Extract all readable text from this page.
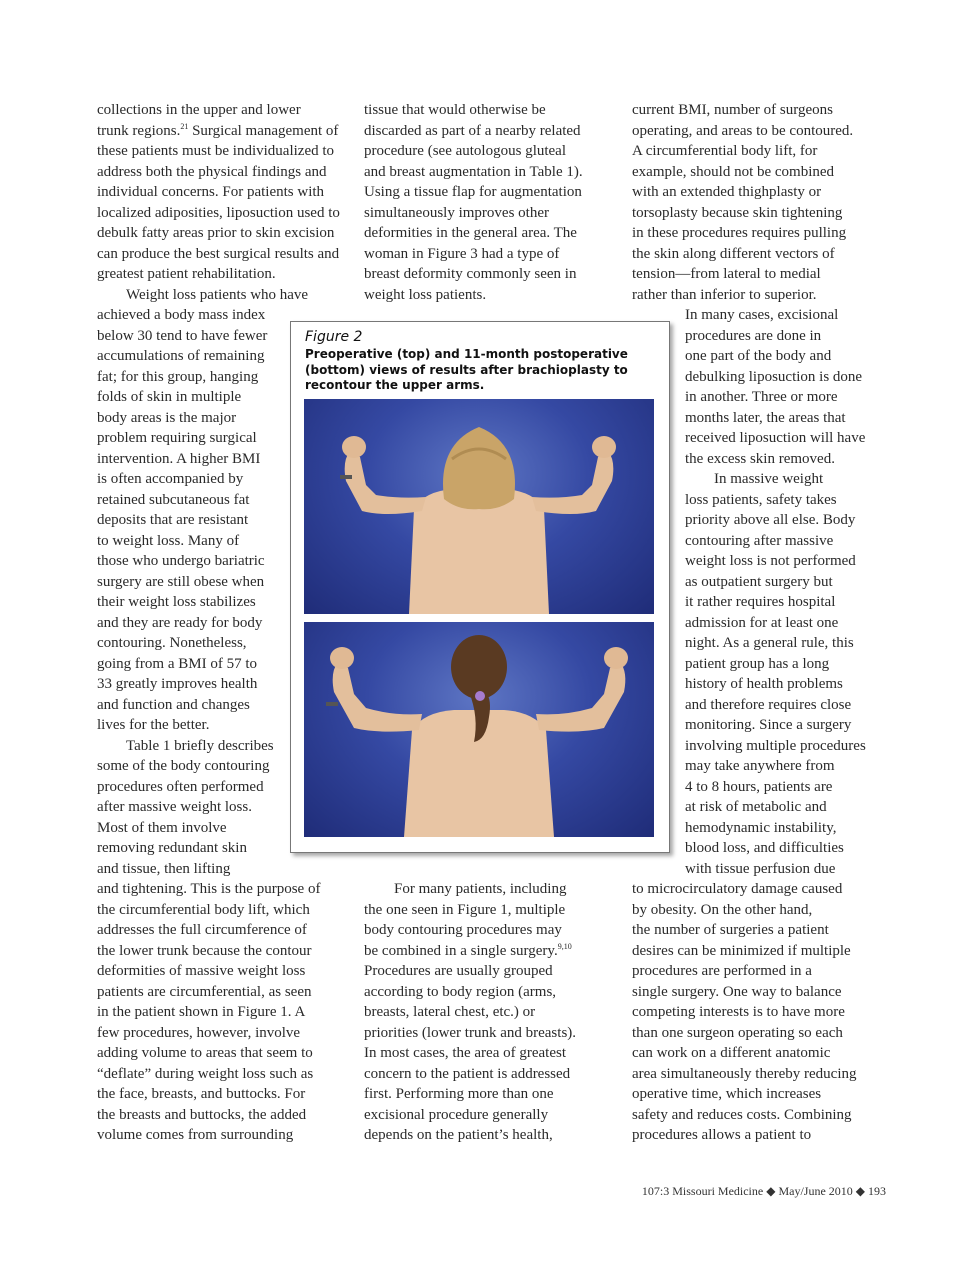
collections in the upper and lower
trunk regions.$^{21}$ Surgical management of
these patients must be individualized to
address both the physical findings and
individual concerns. For patients with
localized adiposities, liposuction used to
debulk fatty areas prior to skin excision
can produce the best surgical results and
greatest patient rehabilitation.
Weight loss patients who have
achieved a body mass index
below 30 tend to have fewer
accumulations of remaining
fat; for this group, hanging
folds of skin in multiple
body areas is the major
problem requiring surgical
intervention. A higher BMI
is often accompanied by
retained subcutaneous fat
deposits that are resistant
to weight loss. Many of
those who undergo bariatric
surgery are still obese when
their weight loss stabilizes
and they are ready for body
contouring. Nonetheless,
going from a BMI of 57 to
33 greatly improves health
and function and changes
lives for the better.
Table 1 briefly describes
some of the body contouring
procedures often performed
after massive weight loss.
Most of them involve
removing redundant skin
and tissue, then lifting
and tightening. This is the purpose of
the circumferential body lift, which
addresses the full circumference of
the lower trunk because the contour
deformities of massive weight loss
patients are circumferential, as seen
in the patient shown in Figure 1. A
few procedures, however, involve
adding volume to areas that seem to
“deflate” during weight loss such as
the face, breasts, and buttocks. For
the breasts and buttocks, the added
volume comes from surrounding
tissue that would otherwise be
discarded as part of a nearby related
procedure (see autologous gluteal
and breast augmentation in Table 1).
Using a tissue flap for augmentation
simultaneously improves other
deformities in the general area. The
woman in Figure 3 had a type of
breast deformity commonly seen in
weight loss patients.
For many patients, including
the one seen in Figure 1, multiple
body contouring procedures may
be combined in a single surgery.$^{9,10}$
Procedures are usually grouped
according to body region (arms,
breasts, lateral chest, etc.) or
priorities (lower trunk and breasts).
In most cases, the area of greatest
concern to the patient is addressed
first. Performing more than one
excisional procedure generally
depends on the patient’s health,
current BMI, number of surgeons
operating, and areas to be contoured.
A circumferential body lift, for
example, should not be combined
with an extended thighplasty or
torsoplasty because skin tightening
in these procedures requires pulling
the skin along different vectors of
tension—from lateral to medial
rather than inferior to superior.
In many cases, excisional
procedures are done in
one part of the body and
debulking liposuction is done
in another. Three or more
months later, the areas that
received liposuction will have
the excess skin removed.
In massive weight
loss patients, safety takes
priority above all else. Body
contouring after massive
weight loss is not performed
as outpatient surgery but
it rather requires hospital
admission for at least one
night. As a general rule, this
patient group has a long
history of health problems
and therefore requires close
monitoring. Since a surgery
involving multiple procedures
may take anywhere from
4 to 8 hours, patients are
at risk of metabolic and
hemodynamic instability,
blood loss, and difficulties
with tissue perfusion due
to microcirculatory damage caused
by obesity. On the other hand,
the number of surgeries a patient
desires can be minimized if multiple
procedures are performed in a
single surgery. One way to balance
competing interests is to have more
than one surgeon operating so each
can work on a different anatomic
area simultaneously thereby reducing
operative time, which increases
safety and reduces costs. Combining
procedures allows a patient to
Figure 2
Preoperative (top) and 11-month postoperative (bottom) views of results after brachioplasty to recontour the upper arms.
107:3 Missouri Medicine ◆ May/June 2010 ◆ 193
